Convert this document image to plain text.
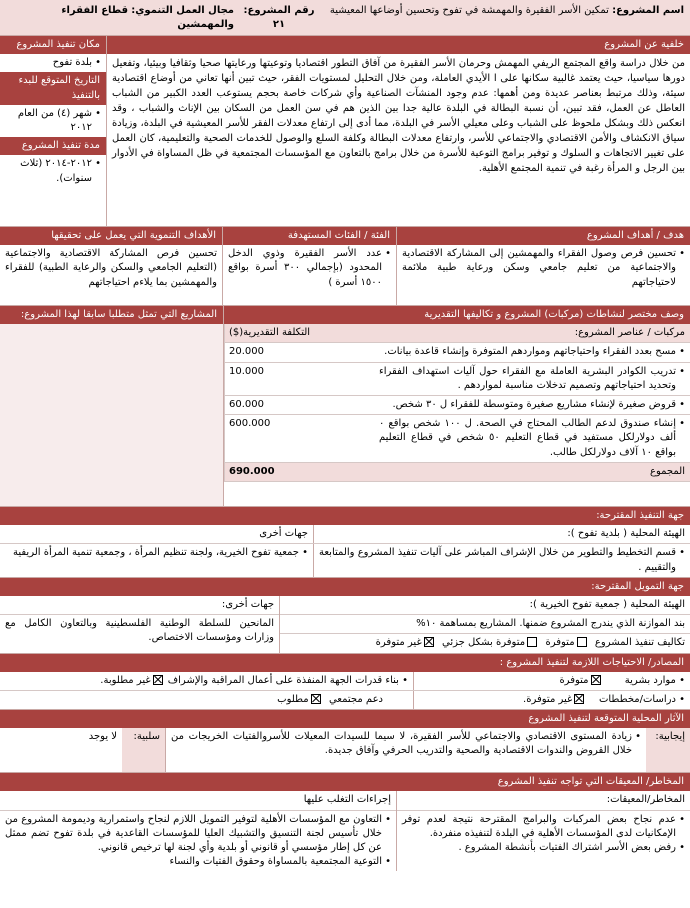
اسم المشروع: تمكين الأسر الفقيرة والمهمشة في تفوح وتحسين أوضاعها المعيشية
رقم المشروع:
٢١
مجال العمل التنموي: قطاع الفقراء والمهمشين
خلفية عن المشروع
من خلال دراسة واقع المجتمع الريفي المهمش وحرمان الأسر الفقيرة من آفاق التطور اقتصاديا وتوعيتها ورعايتها صحيا وثقافيا وبيئيا، وتفعيل دورها سياسيا، حيث يعتمد غالبية سكانها على ا الأيدي العاملة، ومن خلال التحليل لمستويات الفقر، حيث تبين أنها تعاني من أوضاع اقتصادية سيئة، وذلك مرتبط بعناصر عديدة ومن أهمها: عدم وجود المنشآت الصناعية وأي شركات خاصة بحجم يستوعب العدد الكبير من الشباب العاطل عن العمل، فقد تبين، أن نسبة البطالة في البلدة عالية جدا بين الذين هم في سن العمل من السكان بين الإناث والشباب ، وقد انعكس ذلك وبشكل ملحوظ على الشباب وعلى معيلي الأسر في البلدة، مما أدى إلى ارتفاع معدلات الفقر للأسر المعيشية في البلدة، وزيادة سياق الانكشاف والأمن الاقتصادي والاجتماعي للأسر، وارتفاع معدلات البطالة وكلفة السلع والوصول للخدمات الصحية والتعليمية، كان العمل على تغيير الاتجاهات و السلوك و توفير برامج التوعية للأسرة من خلال برامج بالتعاون مع المؤسسات المجتمعية في ظل المساواة في الأدوار بين الرجل و المرأة رغبة في تنمية المجتمع الأهلية.
مكان تنفيذ المشروع
• بلدة تفوح
التاريخ المتوقع للبدء بالتنفيذ
• شهر (٤) من العام ٢٠١٢
مدة تنفيذ المشروع
• ٢٠١٢-٢٠١٤ (ثلاث سنوات).
هدف / أهداف المشروع
• تحسين فرص وصول الفقراء والمهمشين إلى المشاركة الاقتصادية والاجتماعية من تعليم جامعي وسكن ورعاية طبية ملائمة لاحتياجاتهم
الفئة / الفئات المستهدفة
• عدد الأسر الفقيرة وذوي الدخل المحدود (بإجمالي ٣٠٠ أسرة بواقع ١٥٠٠ أسرة )
الأهداف التنموية التي يعمل على تحقيقها
تحسين فرص المشاركة الاقتصادية والاجتماعية (التعليم الجامعي والسكن والرعاية الطبية) للفقراء والمهمشين بما يلاءم احتياجاتهم
وصف مختصر لنشاطات (مركبات) المشروع و تكاليفها التقديرية
مركبات / عناصر المشروع:
التكلفة التقديرية($)
• مسح بعدد الفقراء واحتياجاتهم ومواردهم المتوفرة وإنشاء قاعدة بيانات.
20.000
• تدريب الكوادر البشرية العاملة مع الفقراء حول آليات استهداف الفقراء وتحديد احتياجاتهم وتصميم تدخلات مناسبة لمواردهم .
10.000
• قروض صغيرة لإنشاء مشاريع صغيرة ومتوسطة للفقراء ل ٣٠ شخص.
60.000
• إنشاء صندوق لدعم الطالب المحتاج في الصحة. ل ١٠٠ شخص بواقع ٠ ألف دولارلكل مستفيد في قطاع التعليم ٥٠ شخص في قطاع التعليم بواقع ١٠ آلاف دولارلكل طالب.
600.000
المجموع
690.000
المشاريع التي تمثل متطلبا سابقا لهذا المشروع:
جهة التنفيذ المقترحة:
الهيئة المحلية ( بلدية تفوح ):
جهات أخرى
• قسم التخطيط والتطوير من خلال الإشراف المباشر على آليات تنفيذ المشروع والمتابعة والتقييم .
• جمعية تفوح الخيرية، ولجنة تنظيم المرأة ، وجمعية تنمية المرأة الريفية
جهة التمويل المقترحة:
الهيئة المحلية ( جمعية تفوح الخيرية ):
بند الموازنة الذي يندرج المشروع ضمنها. المشاريع بمساهمة ١٠%
تكاليف تنفيذ المشروع  متوفرة  متوفرة بشكل جزئي  غير متوفرة
جهات أخرى:
المانحين للسلطة الوطنية الفلسطينية وبالتعاون الكامل مع وزارات ومؤسسات الاختصاص.
المصادر/ الاحتياجات اللازمة لتنفيذ المشروع :
• موارد بشرية       متوفرة
• بناء قدرات الجهة المنفذة على أعمال المراقبة والإشراف غير مطلوبة.
• دراسات/مخططات    غير متوفرة.
دعم مجتمعي  مطلوب
الآثار المحلية المتوقعة لتنفيذ المشروع
إيجابية:
• زيادة المستوى الاقتصادي والاجتماعي للأسر الفقيرة، لا سيما للسيدات المعيلات للأسروالفتيات الخريجات من خلال القروض والندوات الاقتصادية والصحية والتدريب الحرفي وآفاق جديدة.
سلبية:
لا يوجد
المخاطر/ المعيقات التي تواجه تنفيذ المشروع
المخاطر/المعيقات:
• عدم نجاح بعض المركبات والبرامج المقترحة نتيجة لعدم توفر الإمكانيات لدى المؤسسات الأهلية في البلدة لتنفيذه منفردة.
• رفض بعض الأسر اشتراك الفتيات بأنشطة المشروع .
إجراءات التغلب عليها
• التعاون مع المؤسسات الأهلية لتوفير التمويل اللازم لنجاح واستمرارية وديمومة المشروع من خلال تأسيس لجنة التنسيق والتشبيك العليا للمؤسسات القاعدية في بلدة تفوح تضم ممثل عن كل إطار مؤسسي أو قانوني أو بلدية وأي لجنة لها ترخيص قانوني.
• التوعية المجتمعية بالمساواة وحقوق الفتيات والنساء
